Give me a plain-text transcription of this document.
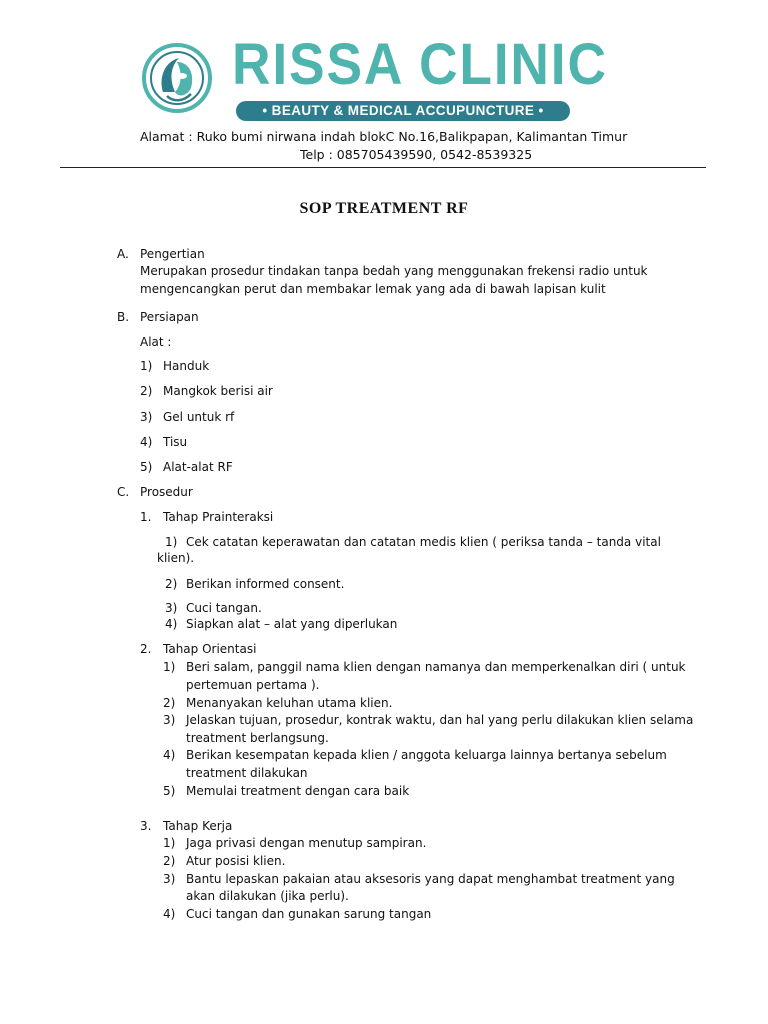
RISSA CLINIC
• BEAUTY & MEDICAL ACCUPUNCTURE •
Alamat : Ruko bumi nirwana indah blokC No.16,Balikpapan, Kalimantan Timur
Telp : 085705439590, 0542-8539325
SOP TREATMENT RF
A. Pengertian
Merupakan prosedur tindakan tanpa bedah yang menggunakan frekensi radio untuk
mengencangkan perut dan membakar lemak yang ada di bawah lapisan kulit
B. Persiapan
Alat :
1) Handuk
2) Mangkok berisi air
3) Gel untuk rf
4) Tisu
5) Alat-alat RF
C. Prosedur
1. Tahap Prainteraksi
1) Cek catatan keperawatan dan catatan medis klien ( periksa tanda – tanda vital
klien).
2) Berikan informed consent.
3) Cuci tangan.
4) Siapkan alat – alat yang diperlukan
2. Tahap Orientasi
1) Beri salam, panggil nama klien dengan namanya dan memperkenalkan diri ( untuk
pertemuan pertama ).
2) Menanyakan keluhan utama klien.
3) Jelaskan tujuan, prosedur, kontrak waktu, dan hal yang perlu dilakukan klien selama
treatment berlangsung.
4) Berikan kesempatan kepada klien / anggota keluarga lainnya bertanya sebelum
treatment dilakukan
5) Memulai treatment dengan cara baik
3. Tahap Kerja
1) Jaga privasi dengan menutup sampiran.
2) Atur posisi klien.
3) Bantu lepaskan pakaian atau aksesoris yang dapat menghambat treatment yang
akan dilakukan (jika perlu).
4) Cuci tangan dan gunakan sarung tangan
